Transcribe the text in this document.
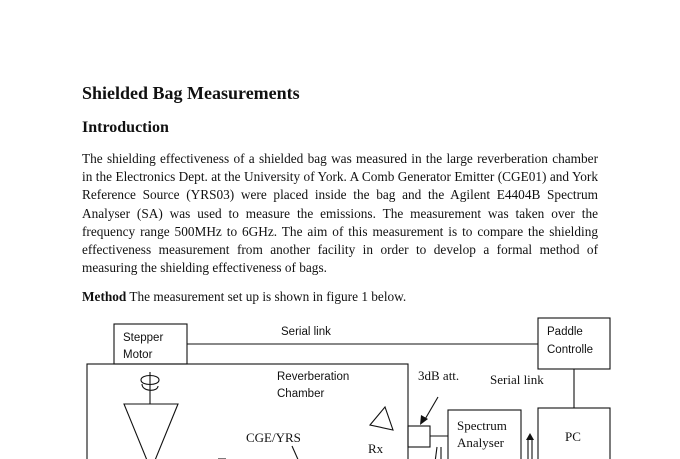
Shielded Bag Measurements
Introduction

The shielding effectiveness of a shielded bag was measured in the large reverberation chamber in the Electronics Dept. at the University of York. A Comb Generator Emitter (CGE01) and York Reference Source (YRS03) were placed inside the bag and the Agilent E4404B Spectrum Analyser (SA) was used to measure the emissions. The measurement was taken over the frequency range 500MHz to 6GHz. The aim of this measurement is to compare the shielding effectiveness measurement from another facility in order to develop a formal method of measuring the shielding effectiveness of bags.

Method The measurement set up is shown in figure 1 below.

Stepper
Motor
Serial link	Paddle
Controlle
Reverberation
Chamber
3dB att. Serial link
Spectrum
Analyser	PC
CGE/YRS
Rx
